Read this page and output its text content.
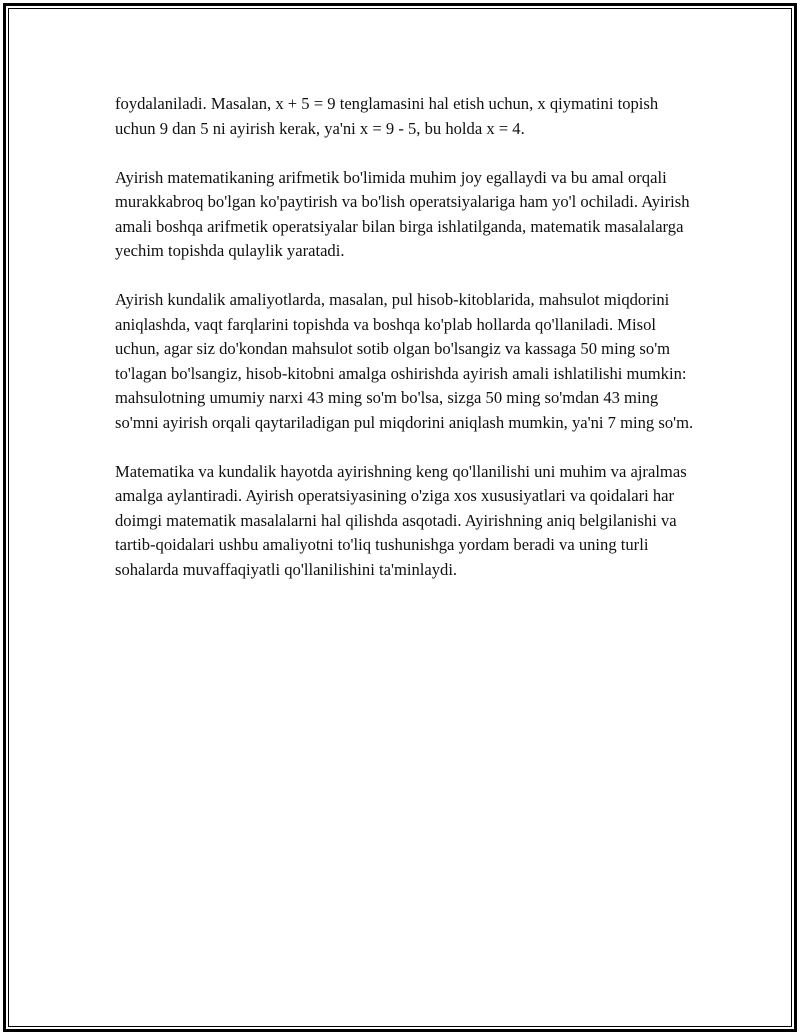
foydalaniladi. Masalan, x + 5 = 9 tenglamasini hal etish uchun, x qiymatini topish uchun 9 dan 5 ni ayirish kerak, ya'ni x = 9 - 5, bu holda x = 4.

Ayirish matematikaning arifmetik bo'limida muhim joy egallaydi va bu amal orqali murakkabroq bo'lgan ko'paytirish va bo'lish operatsiyalariga ham yo'l ochiladi. Ayirish amali boshqa arifmetik operatsiyalar bilan birga ishlatilganda, matematik masalalarga yechim topishda qulaylik yaratadi.

Ayirish kundalik amaliyotlarda, masalan, pul hisob-kitoblarida, mahsulot miqdorini aniqlashda, vaqt farqlarini topishda va boshqa ko'plab hollarda qo'llaniladi. Misol uchun, agar siz do'kondan mahsulot sotib olgan bo'lsangiz va kassaga 50 ming so'm to'lagan bo'lsangiz, hisob-kitobni amalga oshirishda ayirish amali ishlatilishi mumkin: mahsulotning umumiy narxi 43 ming so'm bo'lsa, sizga 50 ming so'mdan 43 ming so'mni ayirish orqali qaytariladigan pul miqdorini aniqlash mumkin, ya'ni 7 ming so'm.

Matematika va kundalik hayotda ayirishning keng qo'llanilishi uni muhim va ajralmas amalga aylantiradi. Ayirish operatsiyasining o'ziga xos xususiyatlari va qoidalari har doimgi matematik masalalarni hal qilishda asqotadi. Ayirishning aniq belgilanishi va tartib-qoidalari ushbu amaliyotni to'liq tushunishga yordam beradi va uning turli sohalarda muvaffaqiyatli qo'llanilishini ta'minlaydi.
